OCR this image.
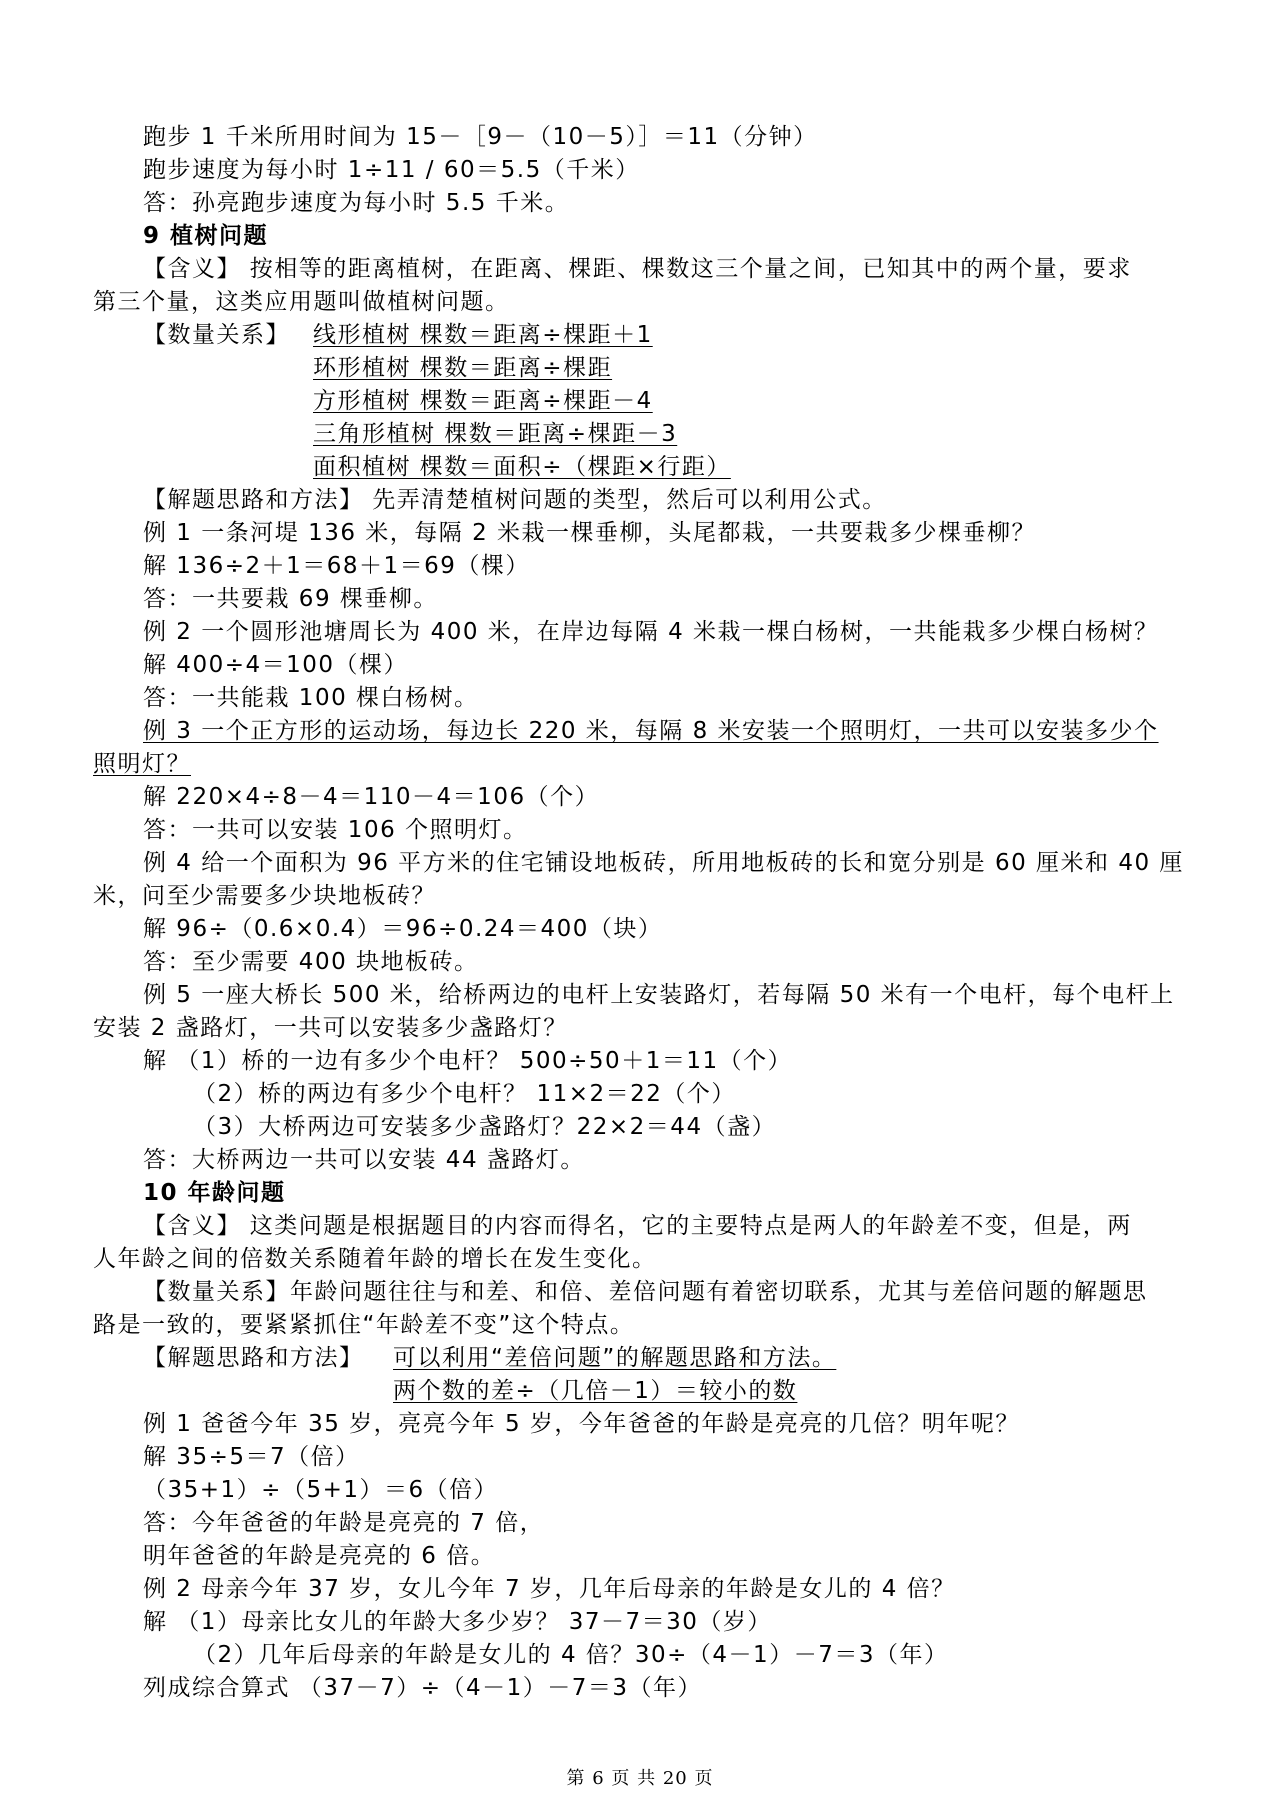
跑步 1 千米所用时间为 15－［9－（10－5）］＝11（分钟）
跑步速度为每小时 1÷11 / 60＝5.5（千米）
答：孙亮跑步速度为每小时 5.5 千米。
9 植树问题
【含义】 按相等的距离植树，在距离、棵距、棵数这三个量之间，已知其中的两个量，要求
第三个量，这类应用题叫做植树问题。
【数量关系】 线形植树 棵数＝距离÷棵距＋1
环形植树 棵数＝距离÷棵距
方形植树 棵数＝距离÷棵距－4
三角形植树 棵数＝距离÷棵距－3
面积植树 棵数＝面积÷（棵距×行距）
【解题思路和方法】 先弄清楚植树问题的类型，然后可以利用公式。
例 1 一条河堤 136 米，每隔 2 米栽一棵垂柳，头尾都栽，一共要栽多少棵垂柳？
解 136÷2＋1＝68＋1＝69（棵）
答：一共要栽 69 棵垂柳。
例 2 一个圆形池塘周长为 400 米，在岸边每隔 4 米栽一棵白杨树，一共能栽多少棵白杨树？
解 400÷4＝100（棵）
答：一共能栽 100 棵白杨树。
例 3 一个正方形的运动场，每边长 220 米，每隔 8 米安装一个照明灯，一共可以安装多少个
照明灯？
解 220×4÷8－4＝110－4＝106（个）
答：一共可以安装 106 个照明灯。
例 4 给一个面积为 96 平方米的住宅铺设地板砖，所用地板砖的长和宽分别是 60 厘米和 40 厘
米，问至少需要多少块地板砖？
解 96÷（0.6×0.4）＝96÷0.24＝400（块）
答：至少需要 400 块地板砖。
例 5 一座大桥长 500 米，给桥两边的电杆上安装路灯，若每隔 50 米有一个电杆，每个电杆上
安装 2 盏路灯，一共可以安装多少盏路灯？
解 （1）桥的一边有多少个电杆？ 500÷50＋1＝11（个）
（2）桥的两边有多少个电杆？ 11×2＝22（个）
（3）大桥两边可安装多少盏路灯？22×2＝44（盏）
答：大桥两边一共可以安装 44 盏路灯。
10 年龄问题
【含义】 这类问题是根据题目的内容而得名，它的主要特点是两人的年龄差不变，但是，两
人年龄之间的倍数关系随着年龄的增长在发生变化。
【数量关系】年龄问题往往与和差、和倍、差倍问题有着密切联系，尤其与差倍问题的解题思
路是一致的，要紧紧抓住“年龄差不变”这个特点。
【解题思路和方法】 可以利用“差倍问题”的解题思路和方法。
两个数的差÷（几倍－1）＝较小的数
例 1 爸爸今年 35 岁，亮亮今年 5 岁，今年爸爸的年龄是亮亮的几倍？明年呢？
解 35÷5＝7（倍）
（35+1）÷（5+1）＝6（倍）
答：今年爸爸的年龄是亮亮的 7 倍，
明年爸爸的年龄是亮亮的 6 倍。
例 2 母亲今年 37 岁，女儿今年 7 岁，几年后母亲的年龄是女儿的 4 倍？
解 （1）母亲比女儿的年龄大多少岁？ 37－7＝30（岁）
（2）几年后母亲的年龄是女儿的 4 倍？30÷（4－1）－7＝3（年）
列成综合算式 （37－7）÷（4－1）－7＝3（年）
第 6 页 共 20 页
